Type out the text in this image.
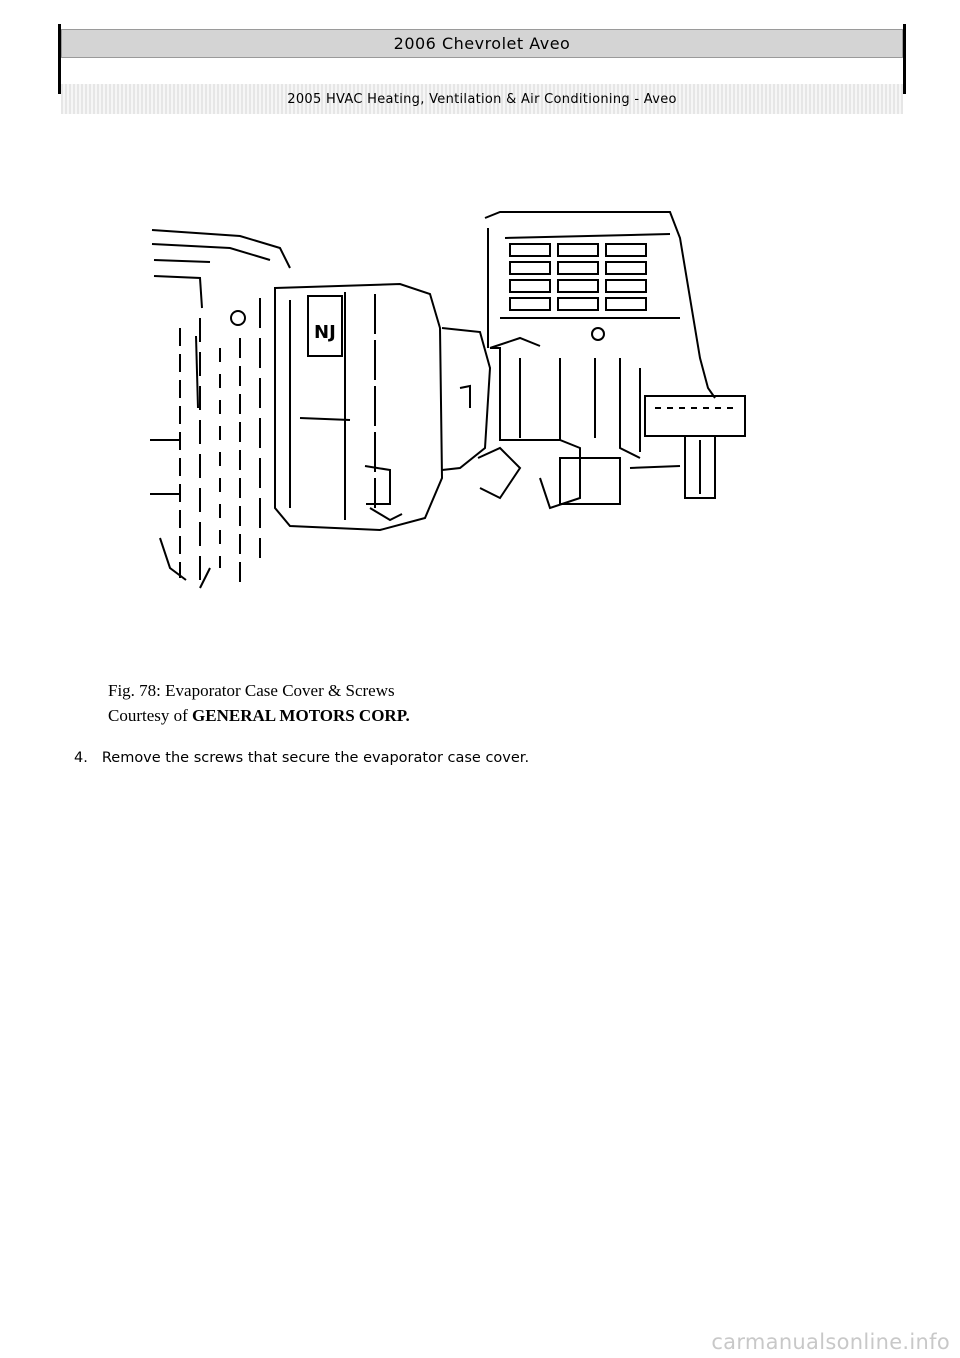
2006 Chevrolet Aveo
2005 HVAC Heating, Ventilation & Air Conditioning - Aveo
NJ
Fig. 78: Evaporator Case Cover & Screws
Courtesy of GENERAL MOTORS CORP.
4. Remove the screws that secure the evaporator case cover.
carmanualsonline.info
